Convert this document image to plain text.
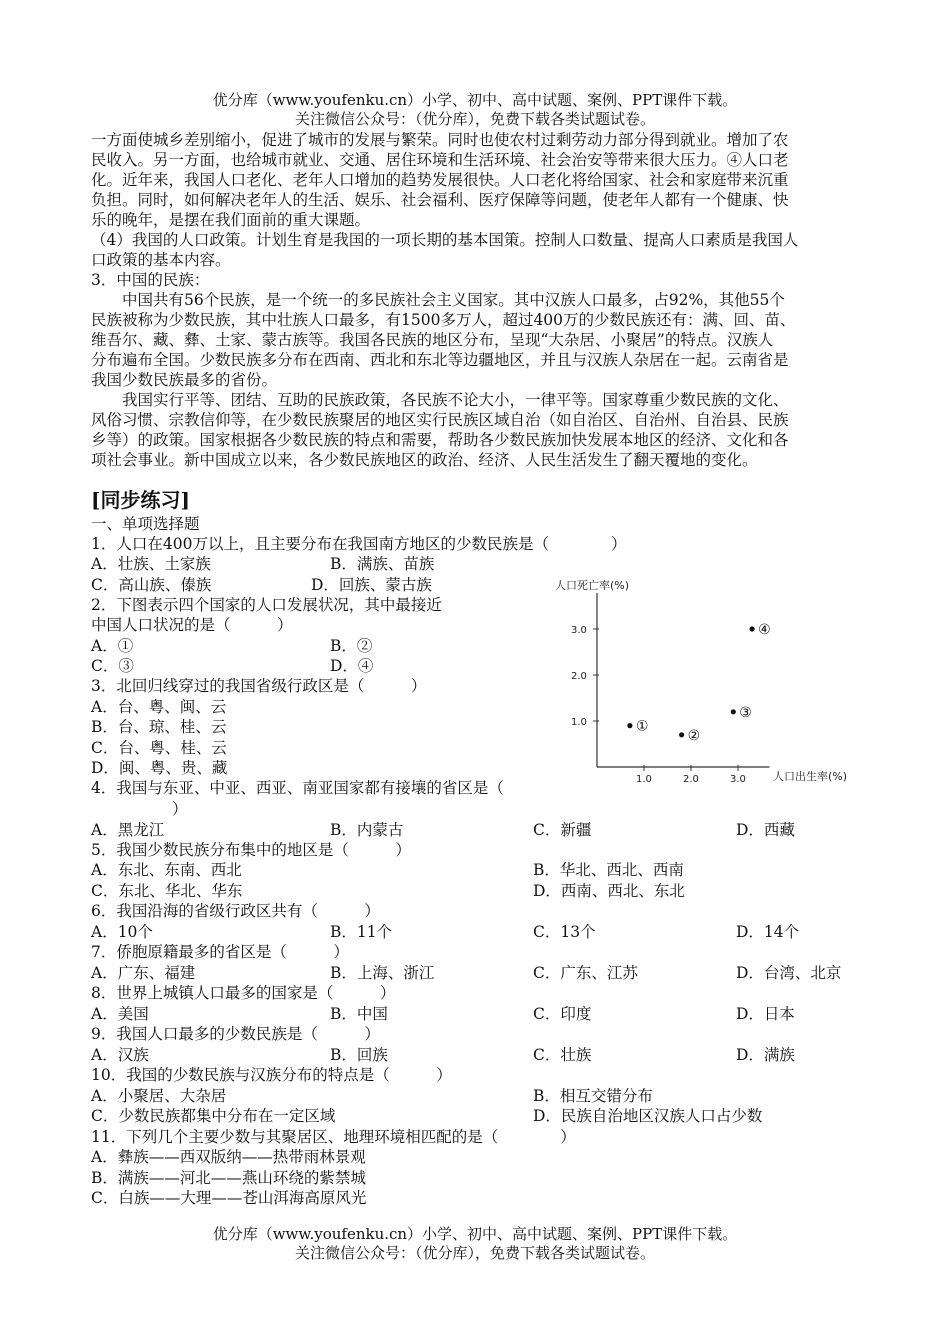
优分库（www.youfenku.cn）小学、初中、高中试题、案例、PPT课件下载。
关注微信公众号：（优分库），免费下载各类试题试卷。
一方面使城乡差别缩小，促进了城市的发展与繁荣。同时也使农村过剩劳动力部分得到就业。增加了农
民收入。另一方面，也给城市就业、交通、居住环境和生活环境、社会治安等带来很大压力。④人口老
化。近年来，我国人口老化、老年人口增加的趋势发展很快。人口老化将给国家、社会和家庭带来沉重
负担。同时，如何解决老年人的生活、娱乐、社会福利、医疗保障等问题，使老年人都有一个健康、快
乐的晚年，是摆在我们面前的重大课题。
（4）我国的人口政策。计划生育是我国的一项长期的基本国策。控制人口数量、提高人口素质是我国人
口政策的基本内容。
3．中国的民族：
　　中国共有56个民族，是一个统一的多民族社会主义国家。其中汉族人口最多，占92%，其他55个
民族被称为少数民族，其中壮族人口最多，有1500多万人，超过400万的少数民族还有：满、回、苗、
维吾尔、藏、彝、土家、蒙古族等。我国各民族的地区分布，呈现“大杂居、小聚居”的特点。汉族人
分布遍布全国。少数民族多分布在西南、西北和东北等边疆地区，并且与汉族人杂居在一起。云南省是
我国少数民族最多的省份。
　　我国实行平等、团结、互助的民族政策，各民族不论大小，一律平等。国家尊重少数民族的文化、
风俗习惯、宗教信仰等，在少数民族聚居的地区实行民族区域自治（如自治区、自治州、自治县、民族
乡等）的政策。国家根据各少数民族的特点和需要，帮助各少数民族加快发展本地区的经济、文化和各
项社会事业。新中国成立以来，各少数民族地区的政治、经济、人民生活发生了翻天覆地的变化。
[同步练习]
一、单项选择题
1．人口在400万以上，且主要分布在我国南方地区的少数民族是（　　　　）
A．壮族、土家族	B．满族、苗族
C．高山族、傣族	D．回族、蒙古族
2．下图表示四个国家的人口发展状况，其中最接近
中国人口状况的是（　　　）
A．①	B．②
C．③	D．④
3．北回归线穿过的我国省级行政区是（　　　）
A．台、粤、闽、云
B．台、琼、桂、云
C．台、粤、桂、云
D．闽、粤、贵、藏
4．我国与东亚、中亚、西亚、南亚国家都有接壤的省区是（
）
A．黑龙江	B．内蒙古	C．新疆	D．西藏
5．我国少数民族分布集中的地区是（　　　）
A．东北、东南、西北	B．华北、西北、西南
C．东北、华北、华东	D．西南、西北、东北
6．我国沿海的省级行政区共有（　　　）
A．10个	B．11个	C．13个	D．14个
7．侨胞原籍最多的省区是（　　　）
A．广东、福建	B．上海、浙江	C．广东、江苏	D．台湾、北京
8．世界上城镇人口最多的国家是（　　　）
A．美国	B．中国	C．印度	D．日本
9．我国人口最多的少数民族是（　　　）
A．汉族	B．回族	C．壮族	D．满族
10．我国的少数民族与汉族分布的特点是（　　　）
A．小聚居、大杂居	B．相互交错分布
C．少数民族都集中分布在一定区域	D．民族自治地区汉族人口占少数
11．下列几个主要少数与其聚居区、地理环境相匹配的是（　　　　）
A．彝族——西双版纳——热带雨林景观
B．满族——河北——燕山环绕的紫禁城
C．白族——大理——苍山洱海高原风光
优分库（www.youfenku.cn）小学、初中、高中试题、案例、PPT课件下载。
关注微信公众号：（优分库），免费下载各类试题试卷。
人口死亡率(%)
人口出生率(%)
1.0
2.0
3.0
1.0	2.0	3.0
①
②
③
④
